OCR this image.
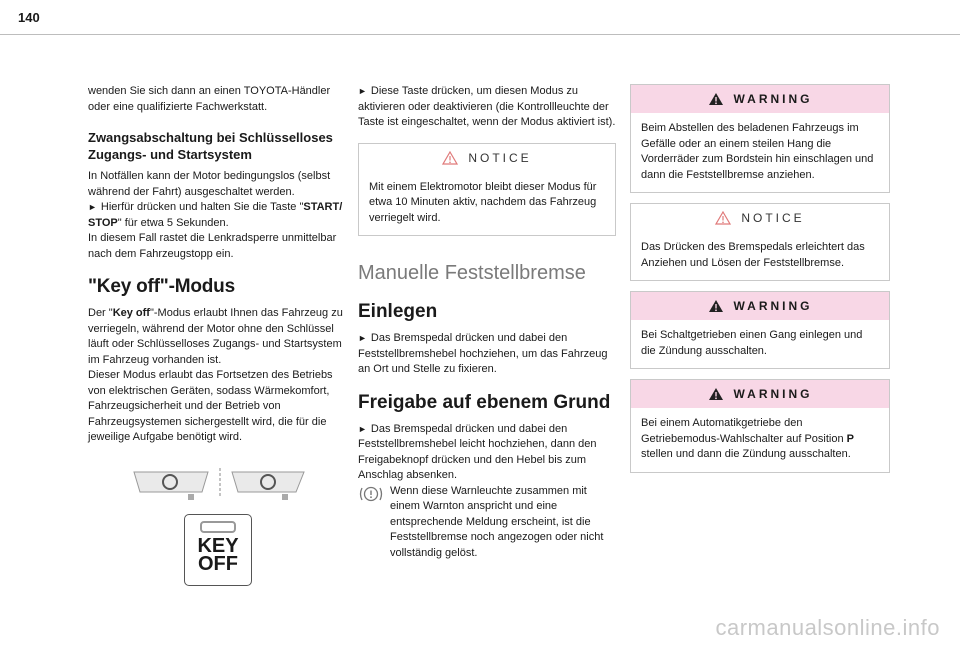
140

wenden Sie sich dann an einen TOYOTA-Händler oder eine qualifizierte Fachwerkstatt.

Zwangsabschaltung bei Schlüsselloses Zugangs- und Startsystem

In Notfällen kann der Motor bedingungslos (selbst während der Fahrt) ausgeschaltet werden.

► Hierfür drücken und halten Sie die Taste "START/ STOP" für etwa 5 Sekunden.

In diesem Fall rastet die Lenkradsperre unmittelbar nach dem Fahrzeugstopp ein.

"Key off"-Modus

Der "Key off"-Modus erlaubt Ihnen das Fahrzeug zu verriegeln, während der Motor ohne den Schlüssel läuft oder Schlüsselloses Zugangs- und Startsystem im Fahrzeug vorhanden ist.

Dieser Modus erlaubt das Fortsetzen des Betriebs von elektrischen Geräten, sodass Wärmekomfort, Fahrzeugsicherheit und der Betrieb von Fahrzeugsystemen sichergestellt wird, die für die jeweilige Aufgabe benötigt wird.

KEY
OFF

► Diese Taste drücken, um diesen Modus zu aktivieren oder deaktivieren (die Kontrollleuchte der Taste ist eingeschaltet, wenn der Modus aktiviert ist).

NOTICE
Mit einem Elektromotor bleibt dieser Modus für etwa 10 Minuten aktiv, nachdem das Fahrzeug verriegelt wird.
Manuelle Feststellbremse
Einlegen

► Das Bremspedal drücken und dabei den Feststellbremshebel hochziehen, um das Fahrzeug an Ort und Stelle zu fixieren.

Freigabe auf ebenem Grund

► Das Bremspedal drücken und dabei den Feststellbremshebel leicht hochziehen, dann den Freigabeknopf drücken und den Hebel bis zum Anschlag absenken.

Wenn diese Warnleuchte zusammen mit einem Warnton anspricht und eine entsprechende Meldung erscheint, ist die Feststellbremse noch angezogen oder nicht vollständig gelöst.

WARNING
Beim Abstellen des beladenen Fahrzeugs im Gefälle oder an einem steilen Hang die Vorderräder zum Bordstein hin einschlagen und dann die Feststellbremse anziehen.
NOTICE
Das Drücken des Bremspedals erleichtert das Anziehen und Lösen der Feststellbremse.
WARNING
Bei Schaltgetrieben einen Gang einlegen und die Zündung ausschalten.
WARNING
Bei einem Automatikgetriebe den Getriebemodus-Wahlschalter auf Position P stellen und dann die Zündung ausschalten.
carmanualsonline.info
